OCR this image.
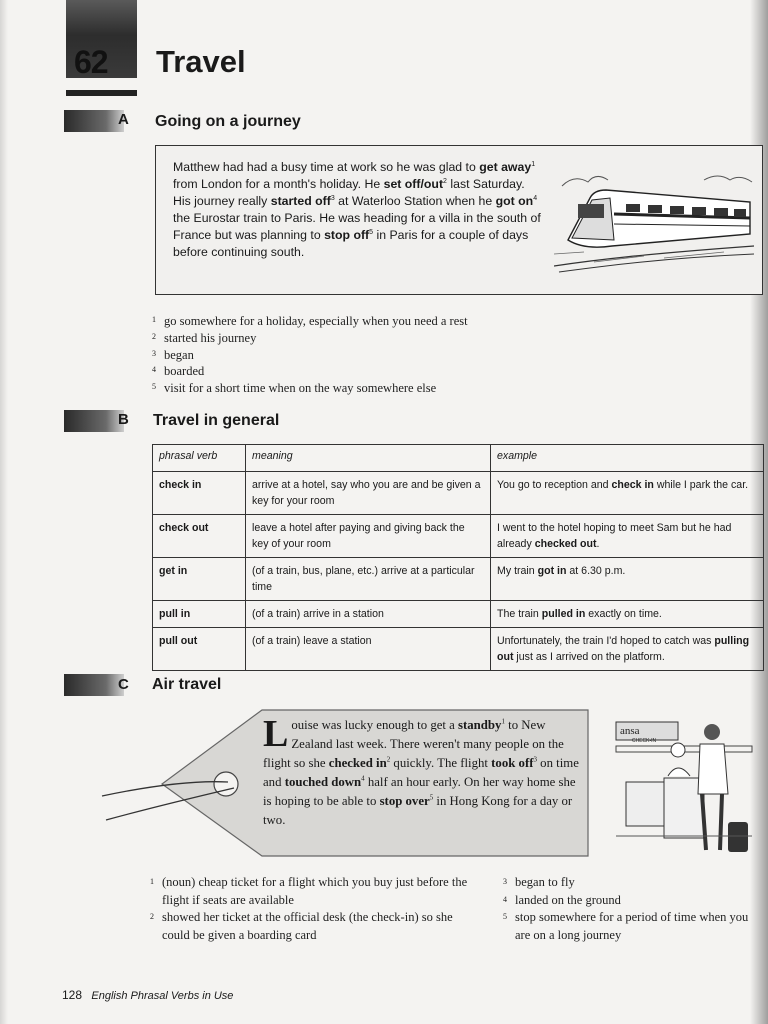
62 Travel
A Going on a journey
Matthew had had a busy time at work so he was glad to get away$^1$ from London for a month's holiday. He set off/out$^2$ last Saturday. His journey really started off$^3$ at Waterloo Station when he got $on^4$ the Eurostar train to Paris. He was heading for a villa in the south of France but was planning to stop off$^5$ in Paris for a couple of days before continuing south.
1 go somewhere for a holiday, especially when you need a rest
2 started his journey
3 began
4 boarded
5 visit for a short time when on the way somewhere else
B Travel in general
phrasal verb	meaning	example
check in	arrive at a hotel, say who you are and be given a key for your room	You go to reception and check in while I park the car.
check out	leave a hotel after paying and giving back the key of your room	I went to the hotel hoping to meet Sam but he had already checked out.
get in	(of a train, bus, plane, etc.) arrive at a particular time	My train got in at 6.30 p.m.
pull in	(of a train) arrive in a station	The train pulled in exactly on time.
pull out	(of a train) leave a station	Unfortunately, the train I'd hoped to catch was pulling out just as I arrived on the platform.
C Air travel
Louise was lucky enough to get a standby$^1$ to New Zealand last week. There weren't many people on the flight so she checked $in^2$ quickly. The flight took off$^3$ on time and touched down$^4$ half an hour early. On her way home she is hoping to be able to stop over$^5$ in Hong Kong for a day or two.
ansa
CHECK-IN
1 (noun) cheap ticket for a flight which you buy just before the flight if seats are available
2 showed her ticket at the official desk (the check-in) so she could be given a boarding card
3 began to fly
4 landed on the ground
5 stop somewhere for a period of time when you are on a long journey
128 English Phrasal Verbs in Use
